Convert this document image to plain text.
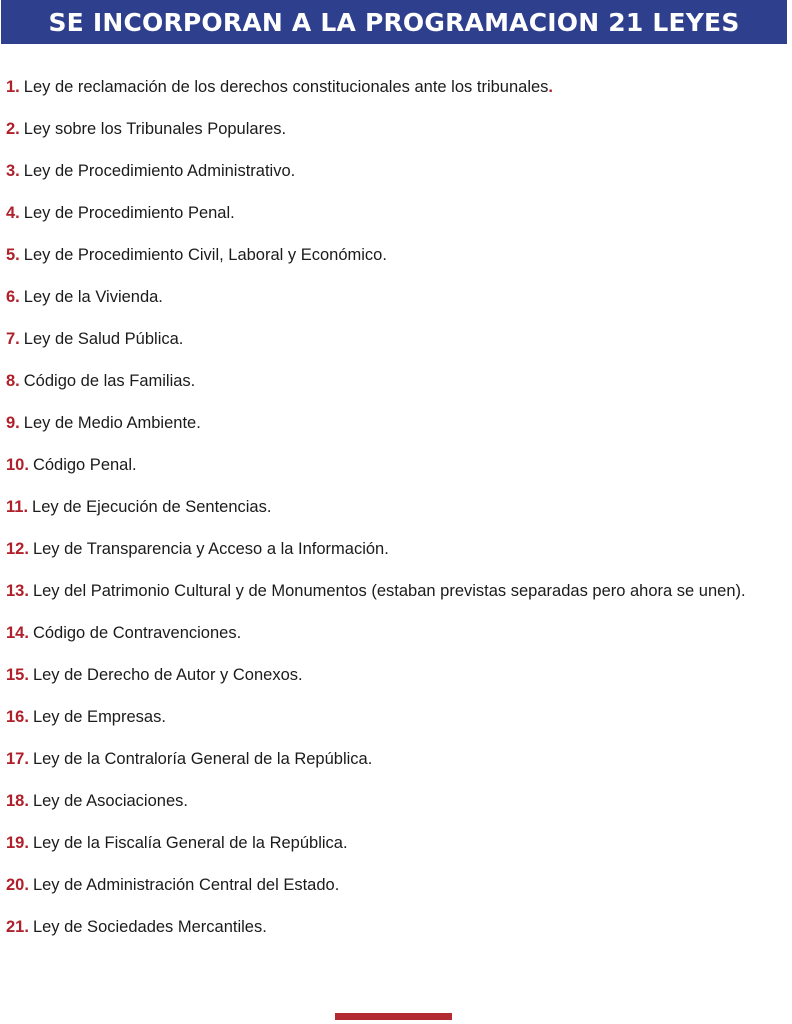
SE INCORPORAN A LA PROGRAMACION 21 LEYES
1. Ley de reclamación de los derechos constitucionales ante los tribunales.
2. Ley sobre los Tribunales Populares.
3. Ley de Procedimiento Administrativo.
4. Ley de Procedimiento Penal.
5. Ley de Procedimiento Civil, Laboral y Económico.
6. Ley de la Vivienda.
7. Ley de Salud Pública.
8. Código de las Familias.
9. Ley de Medio Ambiente.
10. Código Penal.
11. Ley de Ejecución de Sentencias.
12. Ley de Transparencia y Acceso a la Información.
13. Ley del Patrimonio Cultural y de Monumentos (estaban previstas separadas pero ahora se unen).
14. Código de Contravenciones.
15. Ley de Derecho de Autor y Conexos.
16. Ley de Empresas.
17. Ley de la Contraloría General de la República.
18. Ley de Asociaciones.
19. Ley de la Fiscalía General de la República.
20. Ley de Administración Central del Estado.
21. Ley de Sociedades Mercantiles.
